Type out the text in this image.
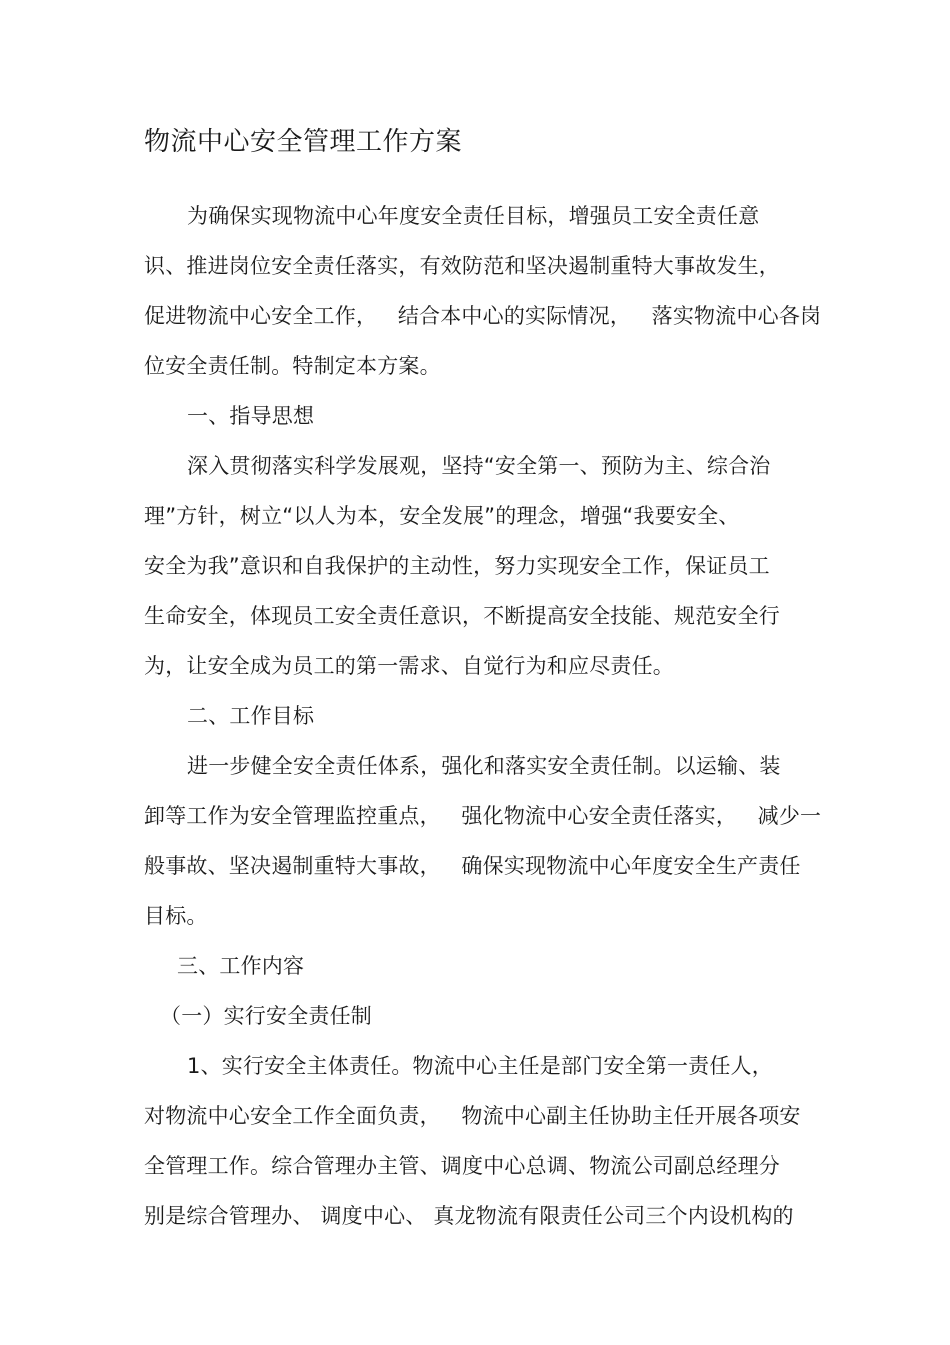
物流中心安全管理工作方案
为确保实现物流中心年度安全责任目标，增强员工安全责任意
识、推进岗位安全责任落实，有效防范和坚决遏制重特大事故发生，
促进物流中心安全工作，   结合本中心的实际情况，   落实物流中心各岗
位安全责任制。特制定本方案。
一、指导思想
深入贯彻落实科学发展观，坚持“安全第一、预防为主、综合治
理”方针，树立“以人为本，安全发展”的理念，增强“我要安全、
安全为我”意识和自我保护的主动性，努力实现安全工作，保证员工
生命安全，体现员工安全责任意识，不断提高安全技能、规范安全行
为，让安全成为员工的第一需求、自觉行为和应尽责任。
二、工作目标
进一步健全安全责任体系，强化和落实安全责任制。以运输、装
卸等工作为安全管理监控重点，   强化物流中心安全责任落实，   减少一
般事故、坚决遏制重特大事故，   确保实现物流中心年度安全生产责任
目标。
三、工作内容
（一）实行安全责任制
1、实行安全主体责任。物流中心主任是部门安全第一责任人，
对物流中心安全工作全面负责，   物流中心副主任协助主任开展各项安
全管理工作。综合管理办主管、调度中心总调、物流公司副总经理分
别是综合管理办、 调度中心、 真龙物流有限责任公司三个内设机构的
